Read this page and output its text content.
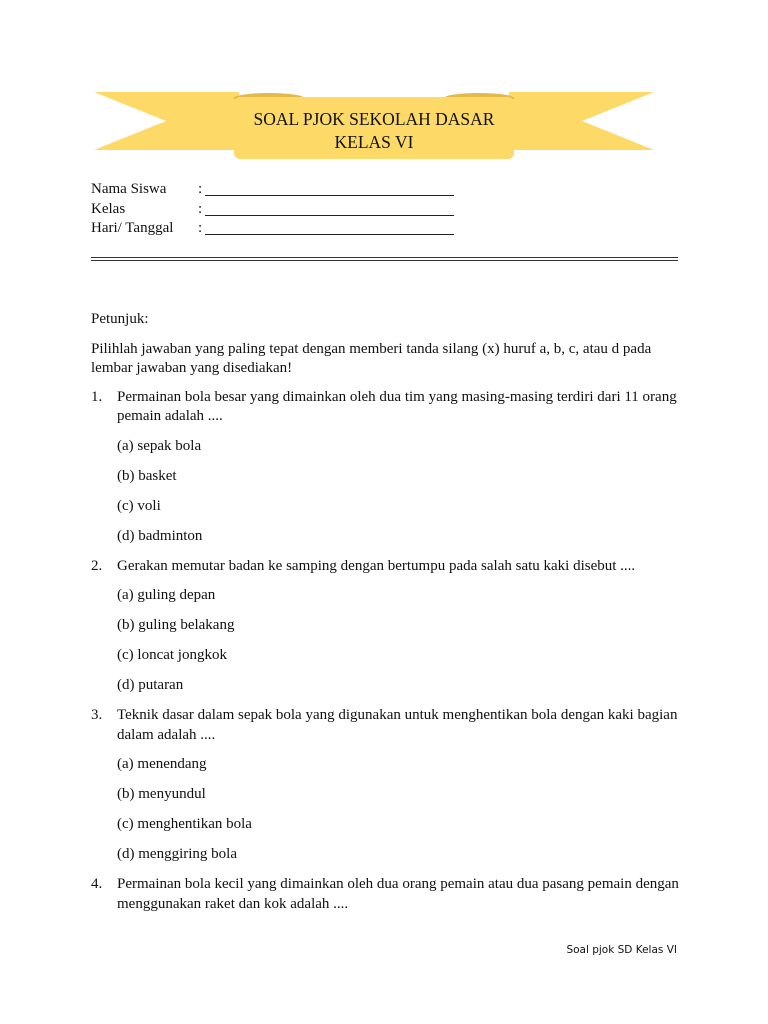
SOAL PJOK SEKOLAH DASAR
KELAS VI
Nama Siswa :
Kelas	:
Hari/ Tanggal :

Petunjuk:

Pilihlah jawaban yang paling tepat dengan memberi tanda silang (x) huruf a, b, c, atau d pada lembar jawaban yang disediakan!

1. Permainan bola besar yang dimainkan oleh dua tim yang masing-masing terdiri dari 11 orang pemain adalah ....
(a) sepak bola
(b) basket
(c) voli
(d) badminton
2. Gerakan memutar badan ke samping dengan bertumpu pada salah satu kaki disebut ....
(a) guling depan
(b) guling belakang
(c) loncat jongkok
(d) putaran
3. Teknik dasar dalam sepak bola yang digunakan untuk menghentikan bola dengan kaki bagian dalam adalah ....
(a) menendang
(b) menyundul
(c) menghentikan bola
(d) menggiring bola
4. Permainan bola kecil yang dimainkan oleh dua orang pemain atau dua pasang pemain dengan menggunakan raket dan kok adalah ....
Soal pjok SD Kelas VI
